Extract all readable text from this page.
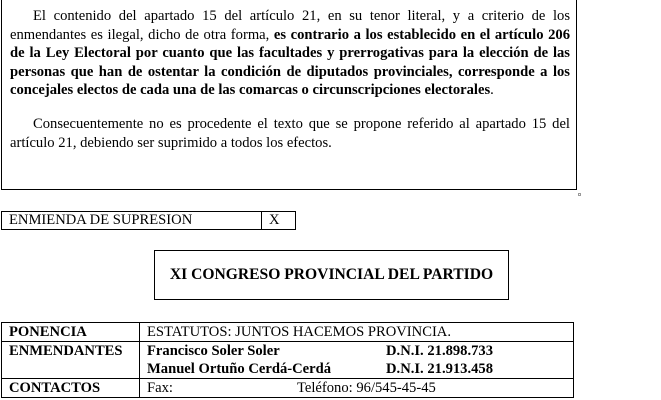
El contenido del apartado 15 del artículo 21, en su tenor literal, y a criterio de los enmendantes es ilegal, dicho de otra forma, es contrario a los establecido en el artículo 206 de la Ley Electoral por cuanto que las facultades y prerrogativas para la elección de las personas que han de ostentar la condición de diputados provinciales, corresponde a los concejales electos de cada una de las comarcas o circunscripciones electorales.

Consecuentemente no es procedente el texto que se propone referido al apartado 15 del artículo 21, debiendo ser suprimido a todos los efectos.

ENMIENDA DE SUPRESION	X
XI CONGRESO PROVINCIAL DEL PARTIDO
PONENCIA	ESTATUTOS: JUNTOS HACEMOS PROVINCIA.
ENMENDANTES	Francisco Soler Soler D.N.I. 21.898.733
Manuel Ortuño Cerdá-Cerdá D.N.I. 21.913.458

CONTACTOS	Fax: Teléfono: 96/545-45-45
